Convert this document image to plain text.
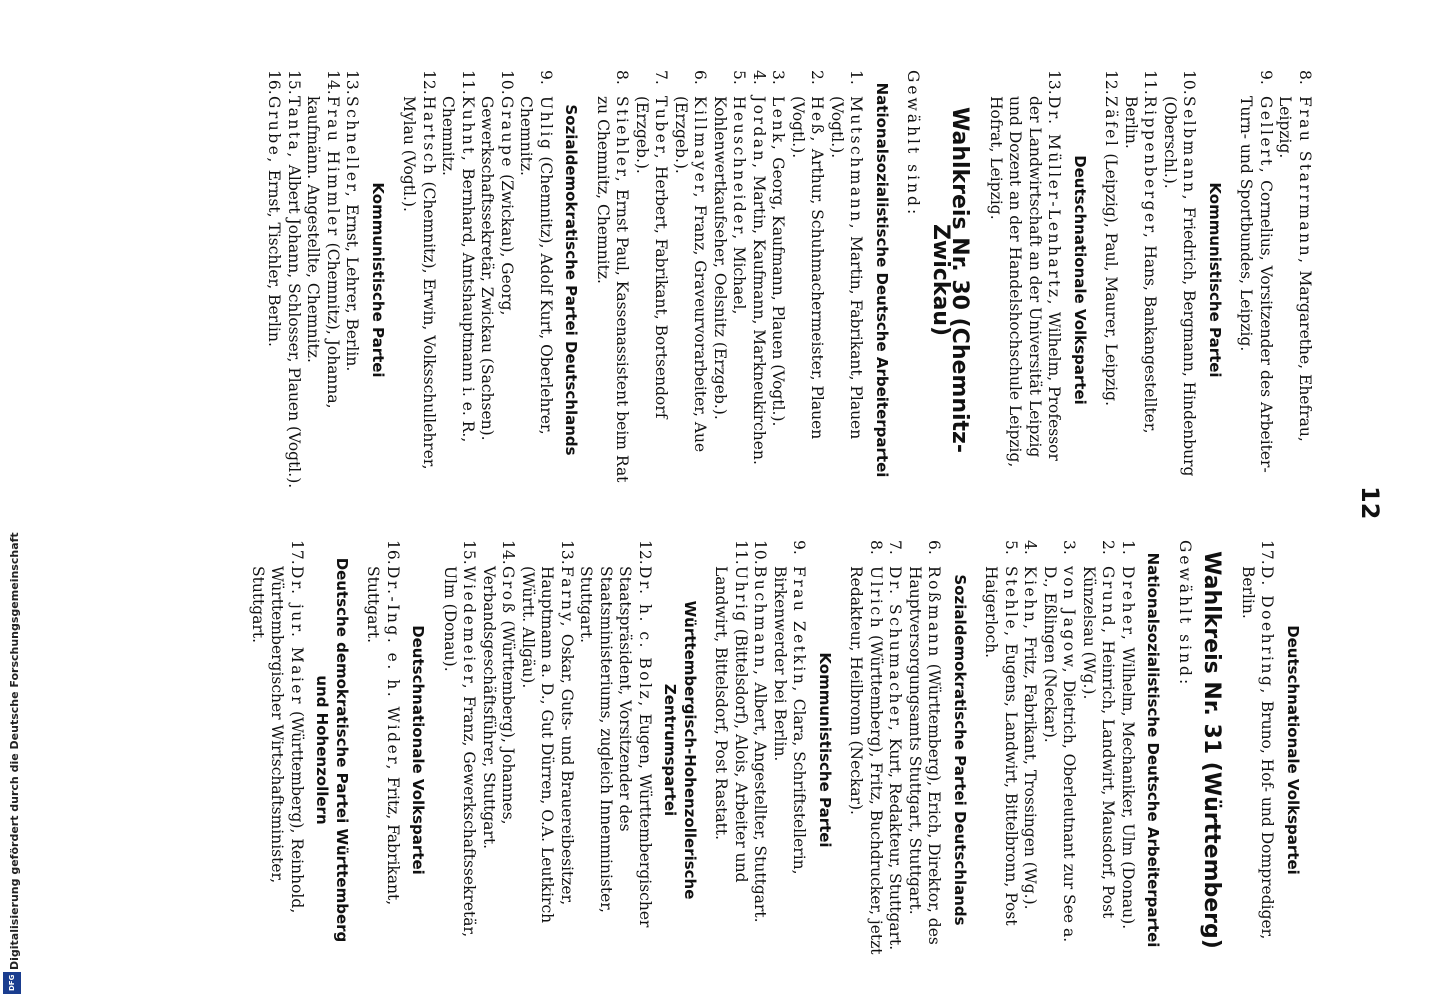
12

8.Frau Starrmann, Margarethe, Ehefrau, Leipzig.

9.Gellert, Cornelius, Vorsitzender des Arbeiter-Turn- und Sportbundes, Leipzig.

Kommunistische Partei

10.Selbmann, Friedrich, Bergmann, Hindenburg (Oberschl.).

11.Rippenberger, Hans, Bankangestellter, Berlin.

12.Zäfel (Leipzig), Paul, Maurer, Leipzig.

Deutschnationale Volkspartei

13.Dr. Müller-Lenhartz, Wilhelm, Professor der Landwirtschaft an der Universität Leipzig und Dozent an der Handelshochschule Leipzig, Hofrat, Leipzig.

Wahlkreis Nr. 30 (Chemnitz-Zwickau)
Gewählt sind:
Nationalsozialistische Deutsche Arbeiterpartei

1.Mutschmann, Martin, Fabrikant, Plauen (Vogtl.).

2.Heß, Arthur, Schuhmachermeister, Plauen (Vogtl.).

3.Lenk, Georg, Kaufmann, Plauen (Vogtl.).

4.Jordan, Martin, Kaufmann, Markneukirchen.

5.Heuschneider, Michael, Kohlenwertkaufseher, Oelsnitz (Erzgeb.).

6.Killmayer, Franz, Graveurvorarbeiter, Aue (Erzgeb.).

7.Tuber, Herbert, Fabrikant, Bortsendorf (Erzgeb.).

8.Stiehler, Ernst Paul, Kassenassistent beim Rat zu Chemnitz, Chemnitz.

Sozialdemokratische Partei Deutschlands

9.Uhlig (Chemnitz), Adolf Kurt, Oberlehrer, Chemnitz.

10.Graupe (Zwickau), Georg, Gewerkschaftssekretär, Zwickau (Sachsen).

11.Kuhnt, Bernhard, Amtshauptmann i. e. R., Chemnitz.

12.Hartsch (Chemnitz), Erwin, Volksschullehrer, Mylau (Vogtl.).

Kommunistische Partei

13.Schneller, Ernst, Lehrer, Berlin.

14.Frau Himmler (Chemnitz), Johanna, kaufmänn. Angestellte, Chemnitz.

15.Tanta, Albert Johann, Schlosser, Plauen (Vogtl.).

16.Grube, Ernst, Tischler, Berlin.

Deutschnationale Volkspartei

17.D. Doehring, Bruno, Hof- und Domprediger, Berlin.

Wahlkreis Nr. 31 (Württemberg)
Gewählt sind:
Nationalsozialistische Deutsche Arbeiterpartei

1.Dreher, Wilhelm, Mechaniker, Ulm (Donau).

2.Grund, Heinrich, Landwirt, Mausdorf, Post Künzelsau (Wg.).

3.von Jagow, Dietrich, Oberleutnant zur See a. D., Eßlingen (Neckar).

4.Kiehn, Fritz, Fabrikant, Trossingen (Wg.).

5.Stehle, Eugens, Landwirt, Bittelbronn, Post Haigerloch.

Sozialdemokratische Partei Deutschlands

6.Roßmann (Württemberg), Erich, Direktor, des Hauptversorgungsamts Stuttgart, Stuttgart.

7.Dr. Schumacher, Kurt, Redakteur, Stuttgart.

8.Ulrich (Württemberg), Fritz, Buchdrucker, jetzt Redakteur, Heilbronn (Neckar).

Kommunistische Partei

9.Frau Zetkin, Clara, Schriftstellerin, Birkenwerder bei Berlin.

10.Buchmann, Albert, Angestellter, Stuttgart.

11.Uhrig (Bittelsdorf), Alois, Arbeiter und Landwirt, Bittelsdorf, Post Rastatt.

Württembergisch-Hohenzollerische Zentrumspartei

12.Dr. h. c. Bolz, Eugen, Württembergischer Staatspräsident, Vorsitzender des Staatsministeriums, zugleich Innenminister, Stuttgart.

13.Farny, Oskar, Guts- und Brauereibesitzer, Hauptmann a. D., Gut Dürren, O.A. Leutkirch (Württ. Allgäu).

14.Groß (Württemberg), Johannes, Verbandsgeschäftsführer, Stuttgart.

15.Wiedemeier, Franz, Gewerkschaftssekretär, Ulm (Donau).

Deutschnationale Volkspartei

16.Dr.-Ing. e. h. Wider, Fritz, Fabrikant, Stuttgart.

Deutsche demokratische Partei Württemberg und Hohenzollern

17.Dr. jur. Maier (Württemberg), Reinhold, Württembergischer Wirtschaftsminister, Stuttgart.

Digitalisierung gefördert durch die Deutsche Forschungsgemeinschaft
DFG
